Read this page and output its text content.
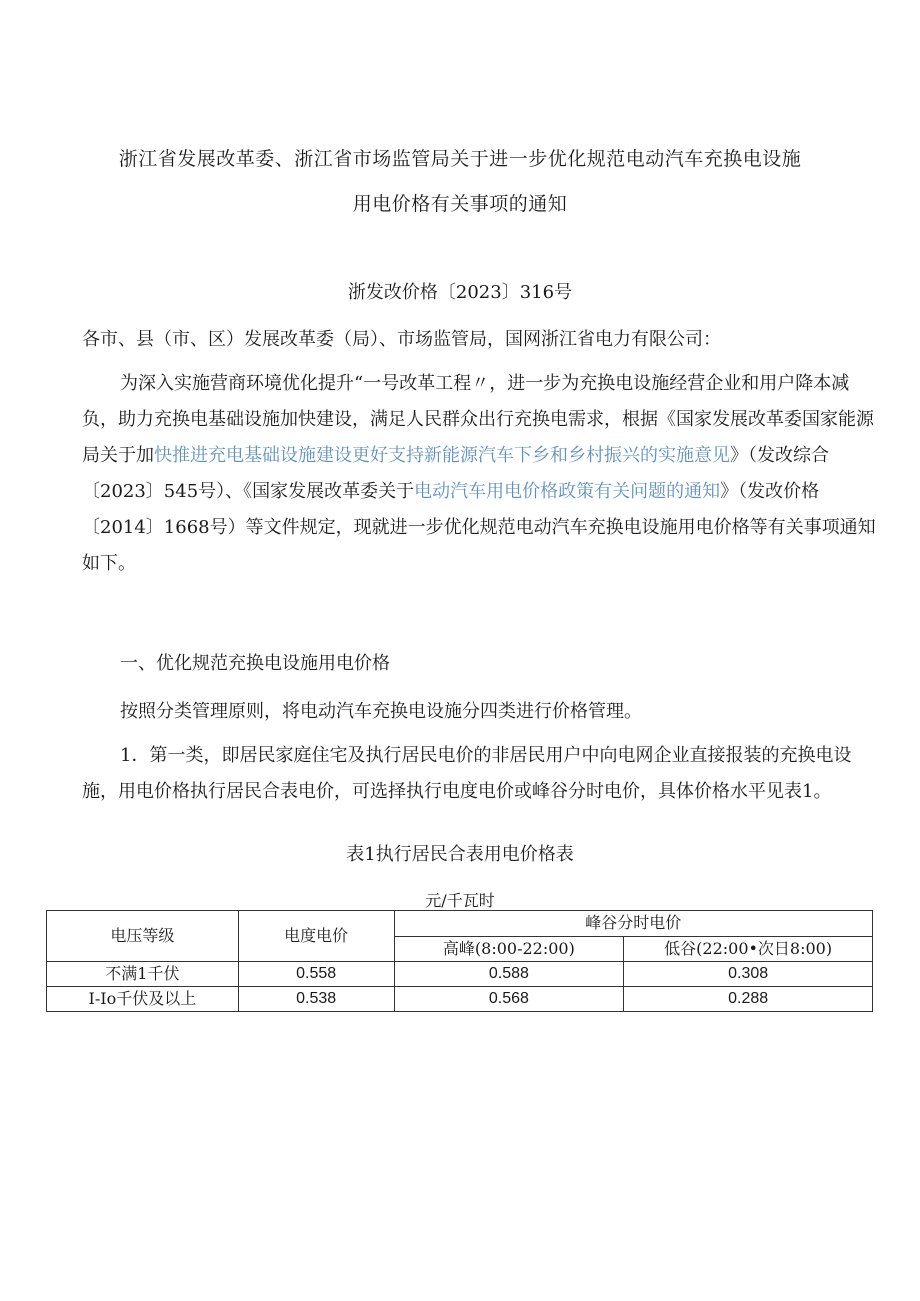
浙江省发展改革委、浙江省市场监管局关于进一步优化规范电动汽车充换电设施
用电价格有关事项的通知
浙发改价格〔2023〕316号

各市、县（市、区）发展改革委（局）、市场监管局，国网浙江省电力有限公司：

为深入实施营商环境优化提升“一号改革工程〃，进一步为充换电设施经营企业和用户降本减负，助力充换电基础设施加快建设，满足人民群众出行充换电需求，根据《国家发展改革委国家能源局关于加快推进充电基础设施建设更好支持新能源汽车下乡和乡村振兴的实施意见》（发改综合〔2023〕545号）、《国家发展改革委关于电动汽车用电价格政策有关问题的通知》（发改价格〔2014〕1668号）等文件规定，现就进一步优化规范电动汽车充换电设施用电价格等有关事项通知如下。

一、优化规范充换电设施用电价格

按照分类管理原则，将电动汽车充换电设施分四类进行价格管理。

1．第一类，即居民家庭住宅及执行居民电价的非居民用户中向电网企业直接报装的充换电设施，用电价格执行居民合表电价，可选择执行电度电价或峰谷分时电价，具体价格水平见表1。

表1执行居民合表用电价格表
元/千瓦时
电压等级	电度电价	峰谷分时电价	
		高峰(8:00-22:00)	低谷(22:00•次日8:00)
不满1千伏	0.558	0.588	0.308
I-Io千伏及以上	0.538	0.568	0.288
